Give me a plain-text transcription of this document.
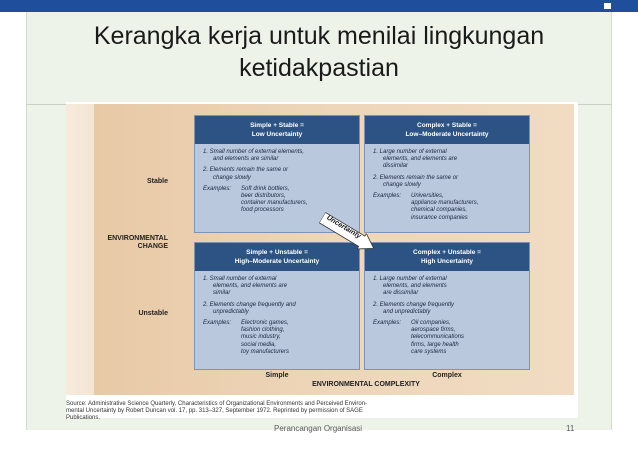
Kerangka kerja untuk menilai lingkungan
ketidakpastian
Stable
ENVIRONMENTAL
CHANGE
Unstable
Simple + Stable =
Low Uncertainty

1. Small number of external elements,
and elements are similar

2. Elements remain the same or
change slowly

Examples:	Soft drink bottlers,
beer distributors,
container manufacturers,
food processors
Complex + Stable =
Low–Moderate Uncertainty

1. Large number of external
elements, and elements are
dissimilar

2. Elements remain the same or
change slowly

Examples:	Universities,
appliance manufacturers,
chemical companies,
insurance companies
Simple + Unstable =
High–Moderate Uncertainty

1. Small number of external
elements, and elements are
similar

2. Elements change frequently and
unpredictably

Examples:	Electronic games,
fashion clothing,
music industry,
social media,
toy manufacturers
Complex + Unstable =
High Uncertainty

1. Large number of external
elements, and elements
are dissimilar

2. Elements change frequently
and unpredictably

Examples:	Oil companies,
aerospace firms,
telecommunications
firms, large health
care systems
Uncertainty
Simple	Complex
ENVIRONMENTAL COMPLEXITY
Source: Administrative Science Quarterly, Characteristics of Organizational Environments and Perceived Environ-
mental Uncertainty by Robert Duncan vol. 17, pp. 313–327, September 1972. Reprinted by permission of SAGE
Publications.
Perancangan Organisasi	11
